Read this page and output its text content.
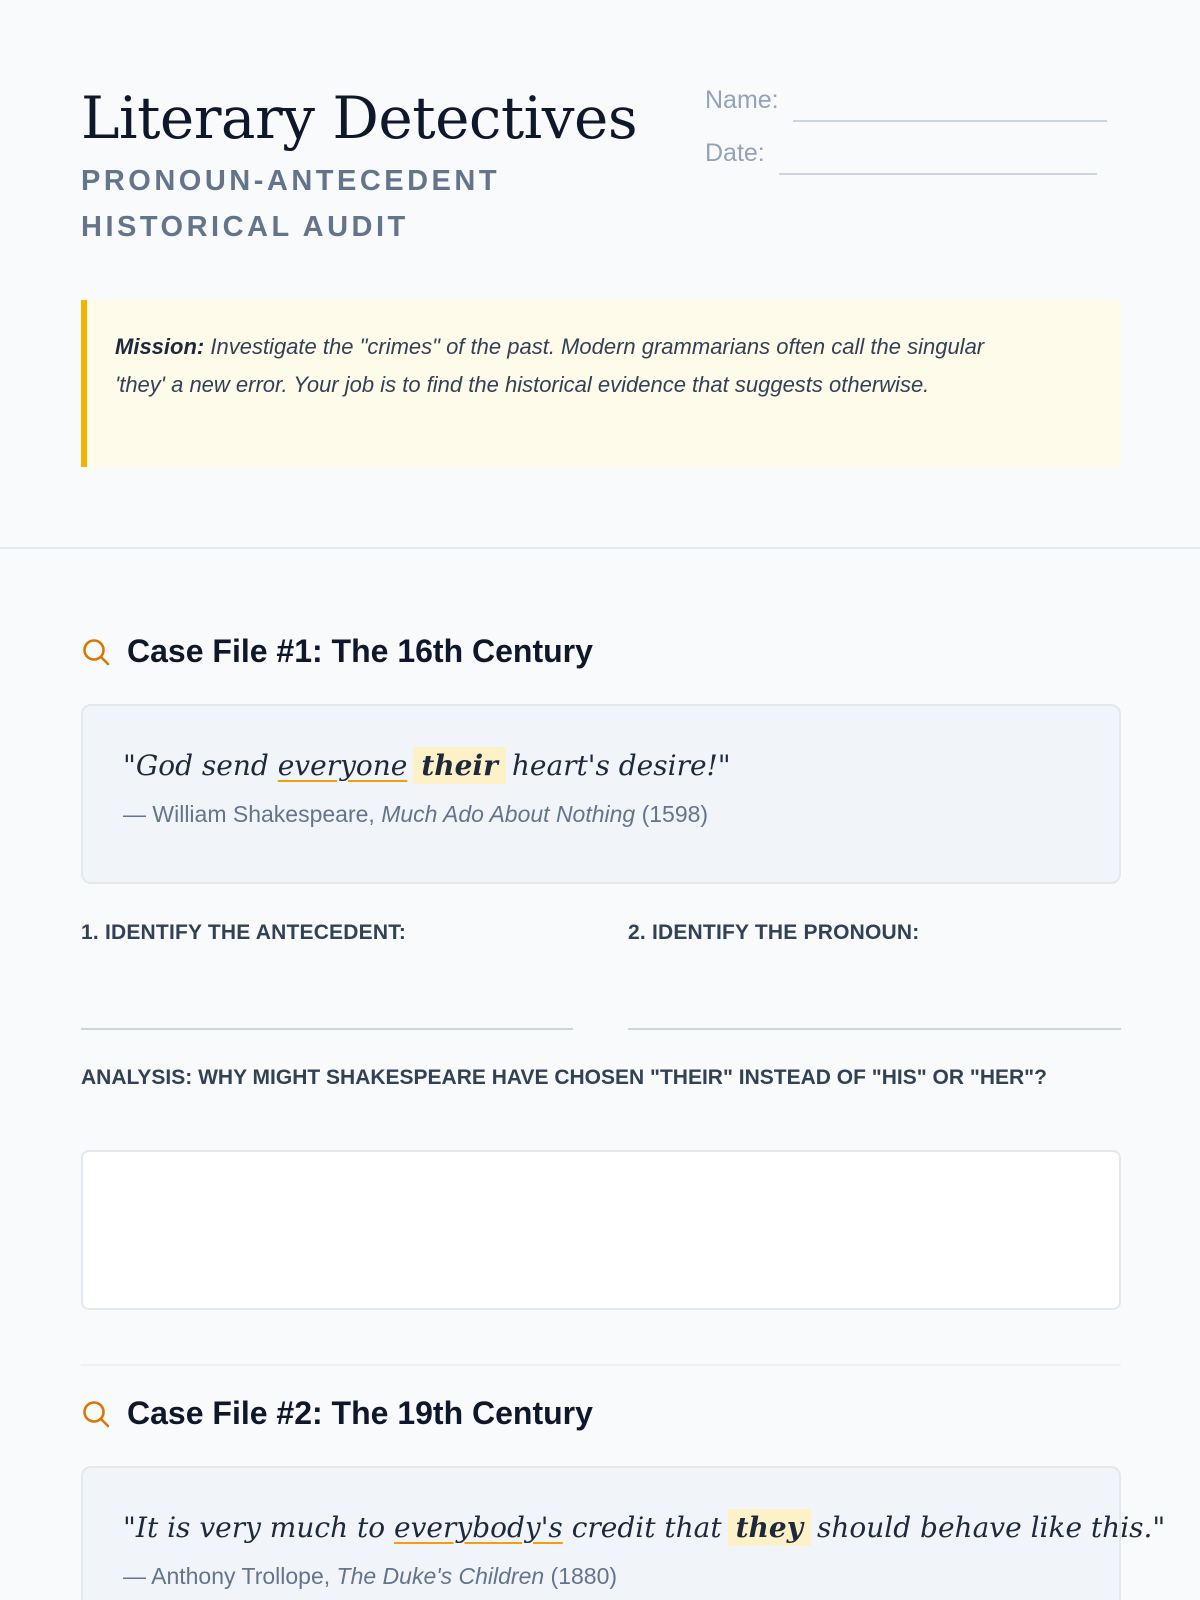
Literary Detectives
PRONOUN-ANTECEDENT HISTORICAL AUDIT
Name:
Date:
Mission: Investigate the "crimes" of the past. Modern grammarians often call the singular 'they' a new error. Your job is to find the historical evidence that suggests otherwise.
Case File #1: The 16th Century
"God send everyone their heart's desire!"
— William Shakespeare, Much Ado About Nothing (1598)
1. IDENTIFY THE ANTECEDENT:	2. IDENTIFY THE PRONOUN:
ANALYSIS: WHY MIGHT SHAKESPEARE HAVE CHOSEN "THEIR" INSTEAD OF "HIS" OR "HER"?
Case File #2: The 19th Century
"It is very much to everybody's credit that they should behave like this."
— Anthony Trollope, The Duke's Children (1880)
